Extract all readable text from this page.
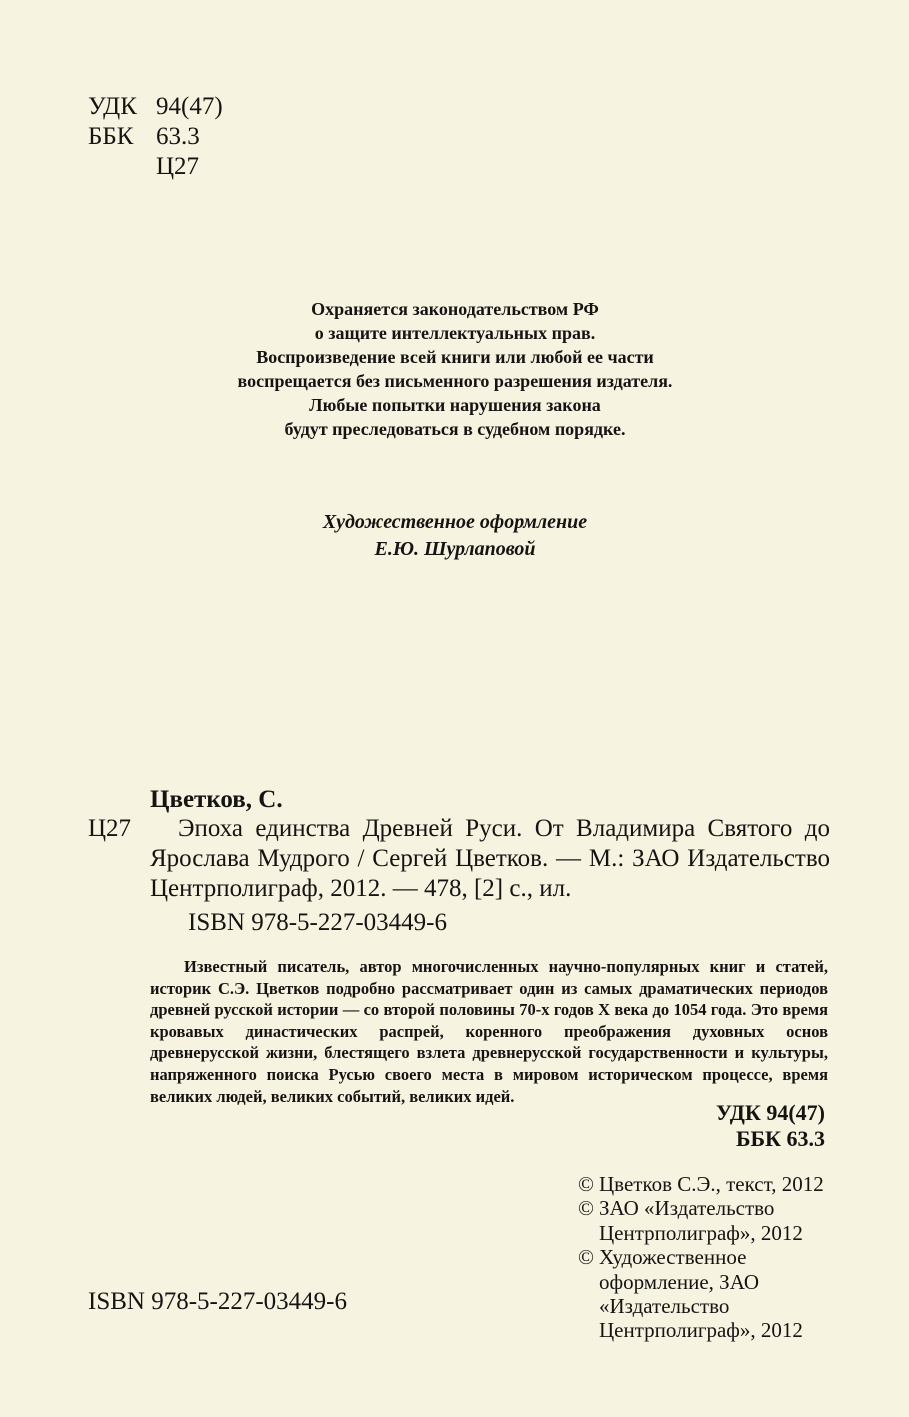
УДК 94(47)
ББК 63.3
Ц27
Охраняется законодательством РФ
о защите интеллектуальных прав.
Воспроизведение всей книги или любой ее части
воспрещается без письменного разрешения издателя.
Любые попытки нарушения закона
будут преследоваться в судебном порядке.
Художественное оформление
Е.Ю. Шурлаповой
Цветков, С.
Ц27	Эпоха единства Древней Руси. От Владимира Святого до Ярослава Мудрого / Сергей Цветков. — М.: ЗАО Издательство Центрполиграф, 2012. — 478, [2] с., ил.
ISBN 978-5-227-03449-6
Известный писатель, автор многочисленных научно-популярных книг и статей, историк С.Э. Цветков подробно рассматривает один из самых драматических периодов древней русской истории — со второй половины 70-х годов X века до 1054 года. Это время кровавых династических распрей, коренного преображения духовных основ древнерусской жизни, блестящего взлета древнерусской государственности и культуры, напряженного поиска Русью своего места в мировом историческом процессе, время великих людей, великих событий, великих идей.
УДК 94(47)
ББК 63.3
© Цветков С.Э., текст, 2012
© ЗАО «Издательство Центрполиграф», 2012
© Художественное оформление, ЗАО «Издательство Центрполиграф», 2012
ISBN 978-5-227-03449-6
